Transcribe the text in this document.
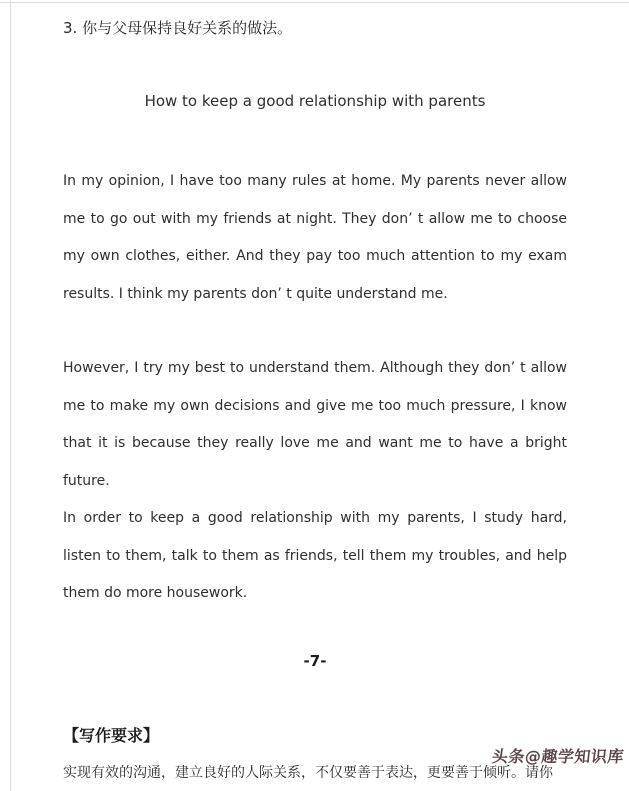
3. 你与父母保持良好关系的做法。
How to keep a good relationship with parents
In my opinion, I have too many rules at home. My parents never allow me to go out with my friends at night. They don’ t allow me to choose my own clothes, either. And they pay too much attention to my exam results. I think my parents don’ t quite understand me.
However, I try my best to understand them. Although they don’ t allow me to make my own decisions and give me too much pressure, I know that it is because they really love me and want me to have a bright future.
In order to keep a good relationship with my parents, I study hard, listen to them, talk to them as friends, tell them my troubles, and help them do more housework.
-7-
【写作要求】
实现有效的沟通，建立良好的人际关系，不仅要善于表达，更要善于倾听。请你
头条@趣学知识库
